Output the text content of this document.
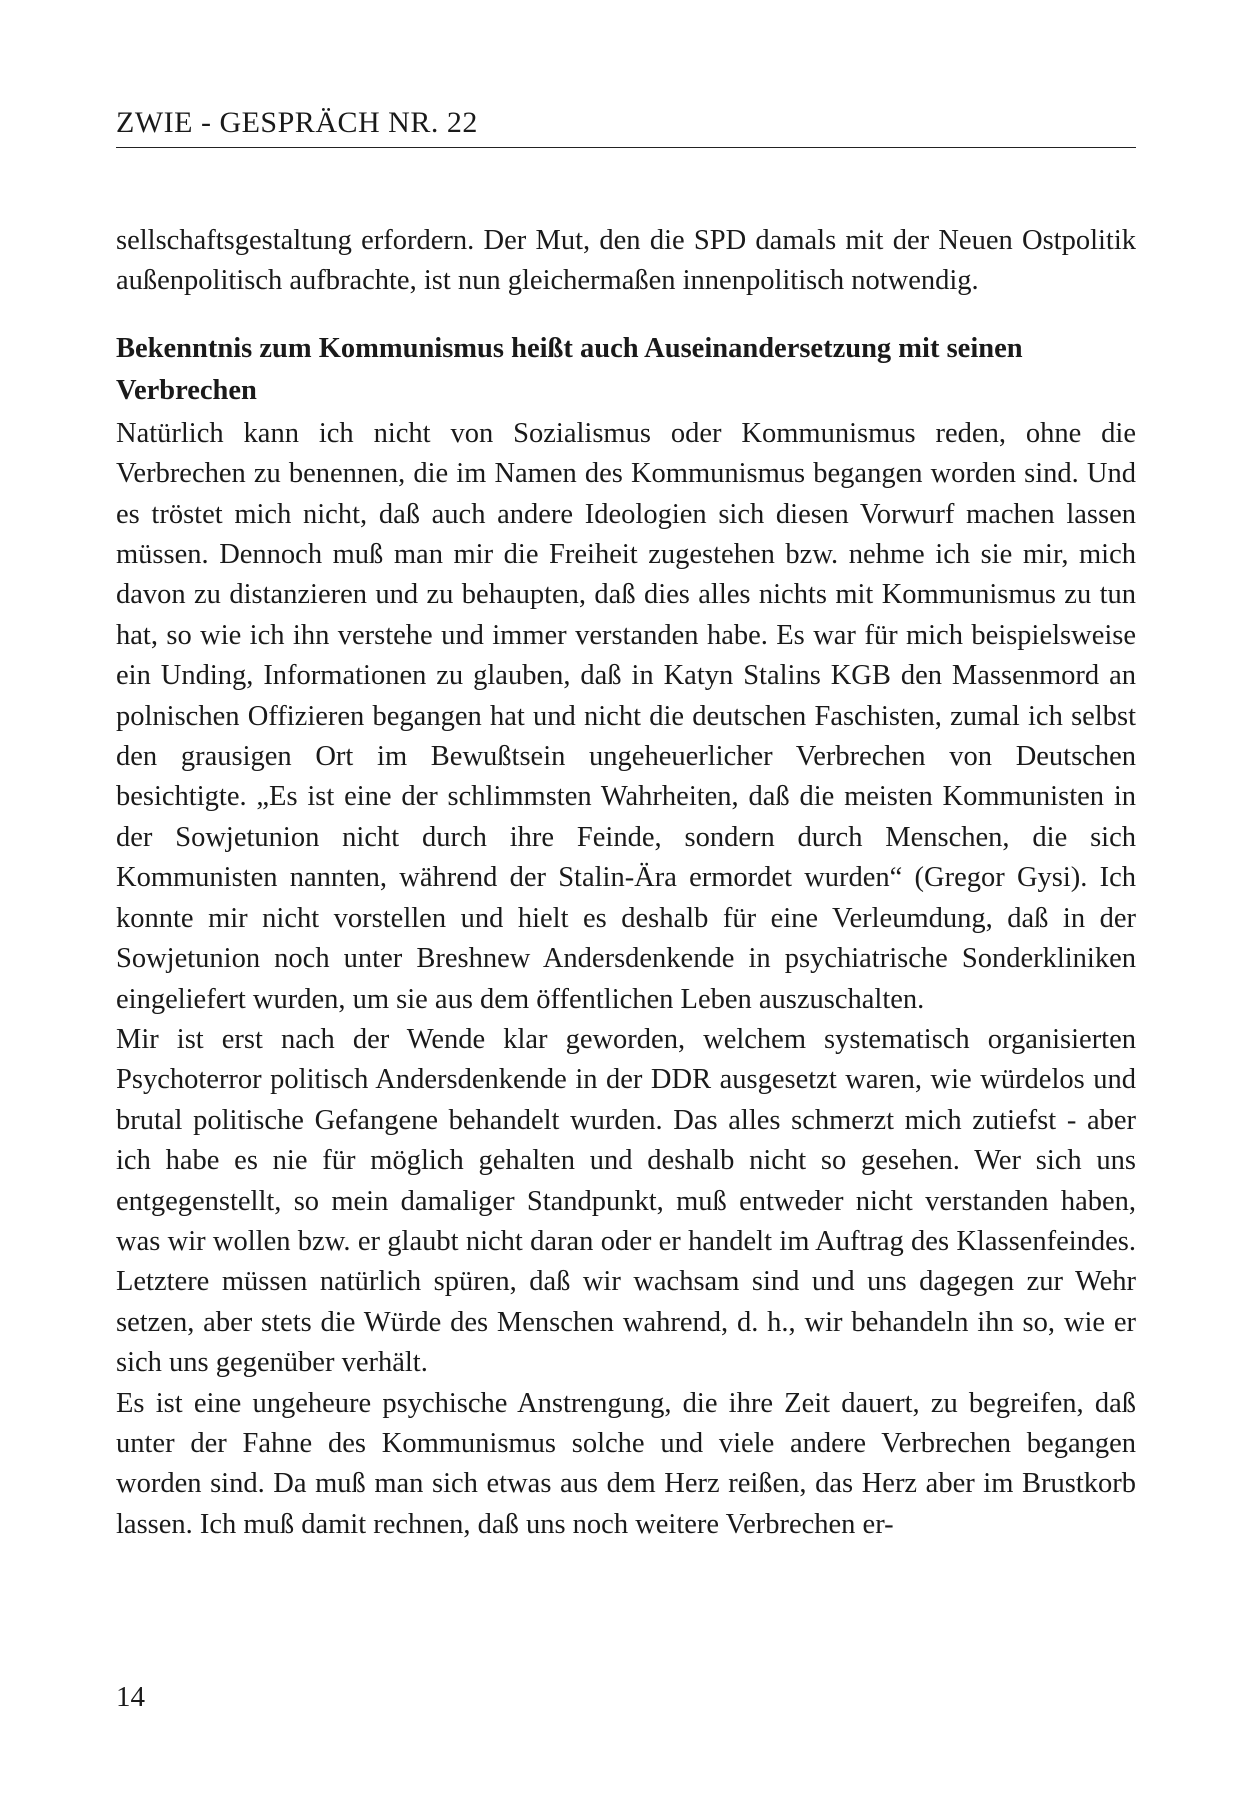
ZWIE - GESPRÄCH NR. 22

sellschaftsgestaltung erfordern. Der Mut, den die SPD damals mit der Neuen Ostpolitik außenpolitisch aufbrachte, ist nun gleichermaßen innenpolitisch notwendig.

Bekenntnis zum Kommunismus heißt auch Auseinandersetzung mit seinen Verbrechen

Natürlich kann ich nicht von Sozialismus oder Kommunismus reden, ohne die Verbrechen zu benennen, die im Namen des Kommunismus begangen worden sind. Und es tröstet mich nicht, daß auch andere Ideologien sich diesen Vorwurf machen lassen müssen. Dennoch muß man mir die Freiheit zugestehen bzw. nehme ich sie mir, mich davon zu distanzieren und zu behaupten, daß dies alles nichts mit Kommunismus zu tun hat, so wie ich ihn verstehe und immer verstanden habe. Es war für mich beispielsweise ein Unding, Informationen zu glauben, daß in Katyn Stalins KGB den Massenmord an polnischen Offizieren begangen hat und nicht die deutschen Faschisten, zumal ich selbst den grausigen Ort im Bewußtsein ungeheuerlicher Verbrechen von Deutschen besichtigte. „Es ist eine der schlimmsten Wahrheiten, daß die meisten Kommunisten in der Sowjetunion nicht durch ihre Feinde, sondern durch Menschen, die sich Kommunisten nannten, während der Stalin-Ära ermordet wurden“ (Gregor Gysi). Ich konnte mir nicht vorstellen und hielt es deshalb für eine Verleumdung, daß in der Sowjetunion noch unter Breshnew Andersdenkende in psychiatrische Sonderkliniken eingeliefert wurden, um sie aus dem öffentlichen Leben auszuschalten.

Mir ist erst nach der Wende klar geworden, welchem systematisch organisierten Psychoterror politisch Andersdenkende in der DDR ausgesetzt waren, wie würdelos und brutal politische Gefangene behandelt wurden. Das alles schmerzt mich zutiefst - aber ich habe es nie für möglich gehalten und deshalb nicht so gesehen. Wer sich uns entgegenstellt, so mein damaliger Standpunkt, muß entweder nicht verstanden haben, was wir wollen bzw. er glaubt nicht daran oder er handelt im Auftrag des Klassenfeindes. Letztere müssen natürlich spüren, daß wir wachsam sind und uns dagegen zur Wehr setzen, aber stets die Würde des Menschen wahrend, d. h., wir behandeln ihn so, wie er sich uns gegenüber verhält.

Es ist eine ungeheure psychische Anstrengung, die ihre Zeit dauert, zu begreifen, daß unter der Fahne des Kommunismus solche und viele andere Verbrechen begangen worden sind. Da muß man sich etwas aus dem Herz reißen, das Herz aber im Brustkorb lassen. Ich muß damit rechnen, daß uns noch weitere Verbrechen er-

14
